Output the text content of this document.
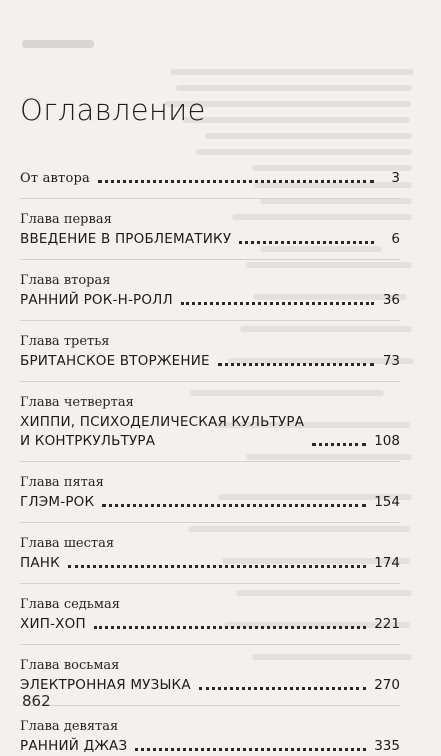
Оглавление
От автора	3
Глава первая
ВВЕДЕНИЕ В ПРОБЛЕМАТИКУ	6
Глава вторая
РАННИЙ РОК-Н-РОЛЛ	36
Глава третья
БРИТАНСКОЕ ВТОРЖЕНИЕ	73
Глава четвертая
ХИППИ, ПСИХОДЕЛИЧЕСКАЯ КУЛЬТУРА
И КОНТРКУЛЬТУРА	108
Глава пятая
ГЛЭМ-РОК	154
Глава шестая
ПАНК	174
Глава седьмая
ХИП-ХОП	221
Глава восьмая
ЭЛЕКТРОННАЯ МУЗЫКА	270
Глава девятая
РАННИЙ ДЖАЗ	335
862
